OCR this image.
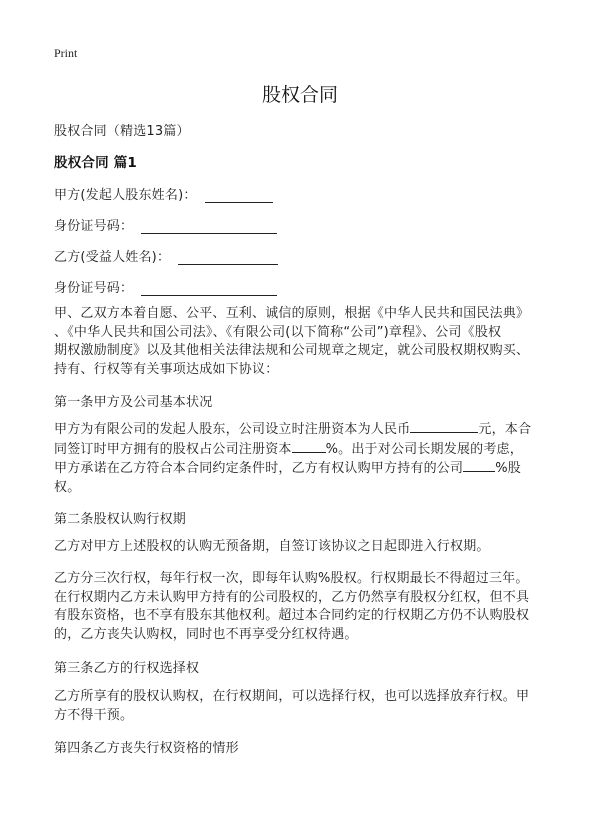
Print
股权合同
股权合同（精选13篇）
股权合同 篇1
甲方(发起人股东姓名)：
身份证号码：
乙方(受益人姓名)：
身份证号码：
甲、乙双方本着自愿、公平、互利、诚信的原则，根据《中华人民共和国民法典》
、《中华人民共和国公司法》、《有限公司(以下简称“公司”)章程》、公司《股权
期权激励制度》以及其他相关法律法规和公司规章之规定，就公司股权期权购买、
持有、行权等有关事项达成如下协议：
第一条甲方及公司基本状况
甲方为有限公司的发起人股东，公司设立时注册资本为人民币	元，本合
同签订时甲方拥有的股权占公司注册资本	%。出于对公司长期发展的考虑，
甲方承诺在乙方符合本合同约定条件时，乙方有权认购甲方持有的公司 %股
权。
第二条股权认购行权期
乙方对甲方上述股权的认购无预备期，自签订该协议之日起即进入行权期。
乙方分三次行权，每年行权一次，即每年认购%股权。行权期最长不得超过三年。
在行权期内乙方未认购甲方持有的公司股权的，乙方仍然享有股权分红权，但不具
有股东资格，也不享有股东其他权利。超过本合同约定的行权期乙方仍不认购股权
的，乙方丧失认购权，同时也不再享受分红权待遇。
第三条乙方的行权选择权
乙方所享有的股权认购权，在行权期间，可以选择行权，也可以选择放弃行权。甲
方不得干预。
第四条乙方丧失行权资格的情形
